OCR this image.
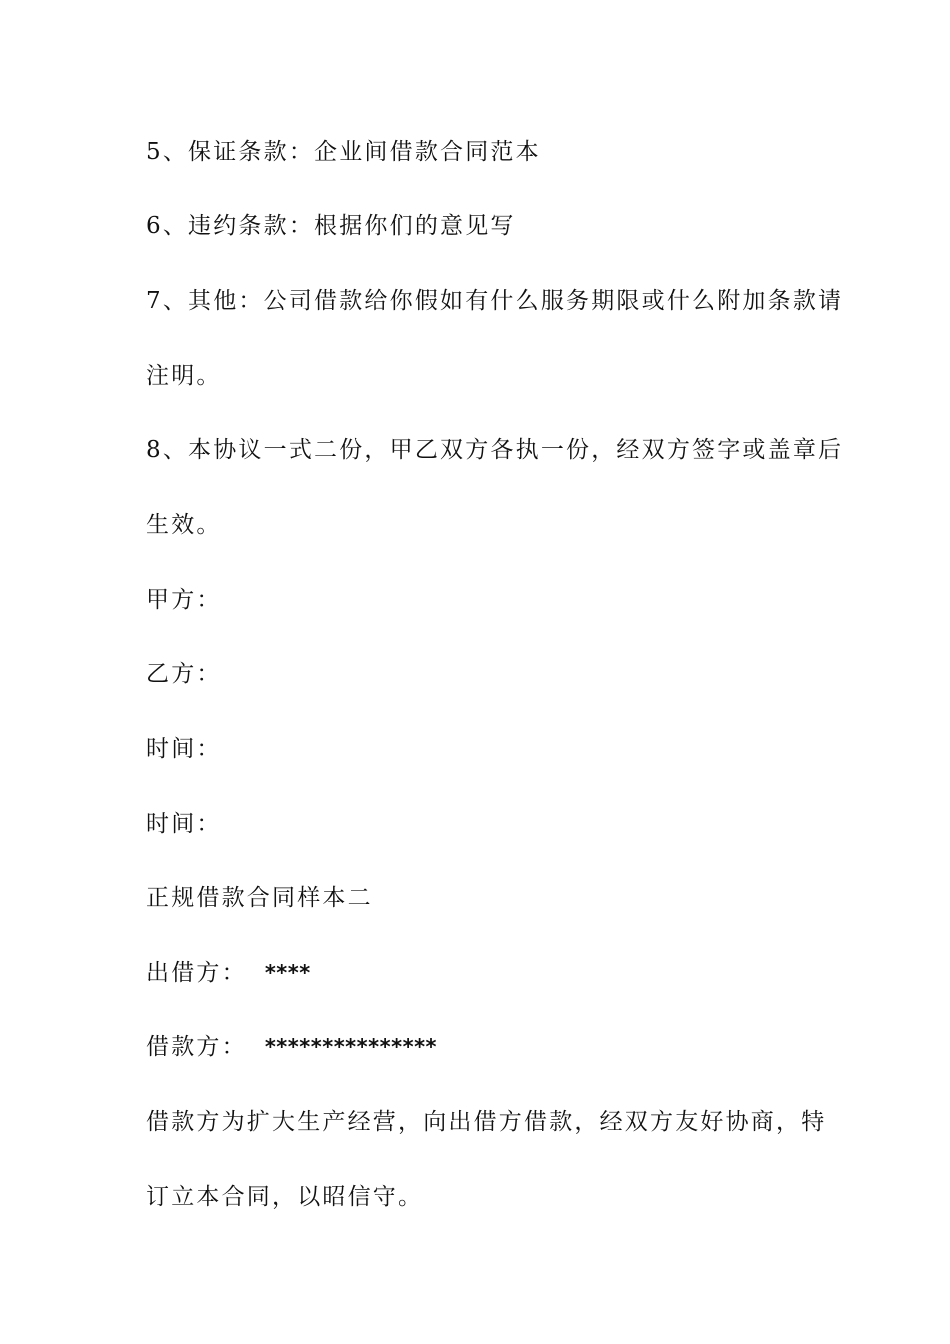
5、保证条款：企业间借款合同范本
6、违约条款：根据你们的意见写
7、其他：公司借款给你假如有什么服务期限或什么附加条款请
注明。
8、本协议一式二份，甲乙双方各执一份，经双方签字或盖章后
生效。
甲方：
乙方：
时间：
时间：
正规借款合同样本二
出借方： ****
借款方： ***************
借款方为扩大生产经营，向出借方借款，经双方友好协商，特
订立本合同，以昭信守。
